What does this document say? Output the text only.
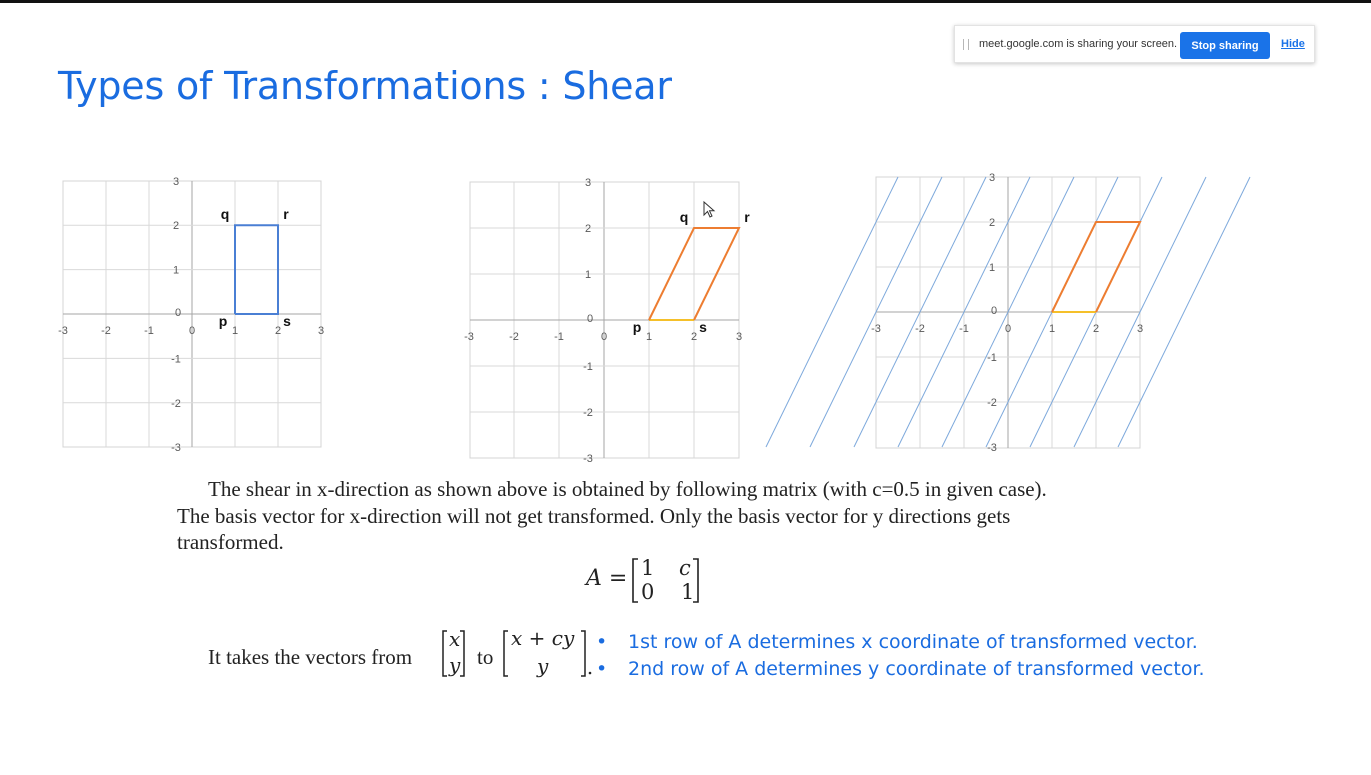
Types of Transformations : Shear
meet.google.com is sharing your screen.	Stop sharing	Hide
-3	-2	-1	0	1	2	3
3
2
1
0
-1
-2
-3
q	r
p	s
-3	-2	-1	0	1	2	3
3
2
1
0
-1
-2
-3
q	r
p	s	-3	-2	-1	0	1	2	3
3
2
1
0
-1
-2
-3
The shear in x-direction as shown above is obtained by following matrix (with c=0.5 in given case).
The basis vector for x-direction will not get transformed. Only the basis vector for y directions gets
transformed.
A = 1 c
0 1
It takes the vectors from
x
y to
x + cy
y
• 1st row of A determines x coordinate of transformed vector.
• 2nd row of A determines y coordinate of transformed vector.
